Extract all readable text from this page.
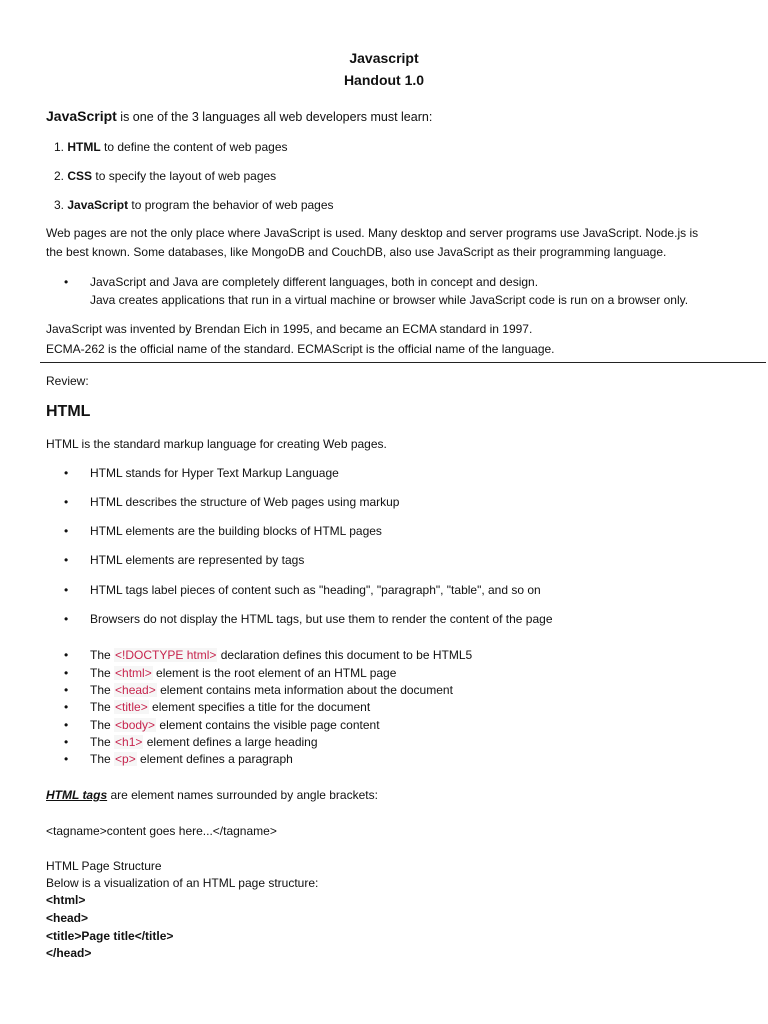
Javascript
Handout 1.0
JavaScript is one of the 3 languages all web developers must learn:
1. HTML to define the content of web pages
2. CSS to specify the layout of web pages
3. JavaScript to program the behavior of web pages
Web pages are not the only place where JavaScript is used. Many desktop and server programs use JavaScript. Node.js is
the best known. Some databases, like MongoDB and CouchDB, also use JavaScript as their programming language.
• JavaScript and Java are completely different languages, both in concept and design.
Java creates applications that run in a virtual machine or browser while JavaScript code is run on a browser only.
JavaScript was invented by Brendan Eich in 1995, and became an ECMA standard in 1997.
ECMA-262 is the official name of the standard. ECMAScript is the official name of the language.
Review:
HTML
HTML is the standard markup language for creating Web pages.
• HTML stands for Hyper Text Markup Language
• HTML describes the structure of Web pages using markup
• HTML elements are the building blocks of HTML pages
• HTML elements are represented by tags
• HTML tags label pieces of content such as "heading", "paragraph", "table", and so on
• Browsers do not display the HTML tags, but use them to render the content of the page
• The <!DOCTYPE html> declaration defines this document to be HTML5
• The <html> element is the root element of an HTML page
• The <head> element contains meta information about the document
• The <title> element specifies a title for the document
• The <body> element contains the visible page content
• The <h1> element defines a large heading
• The <p> element defines a paragraph
HTML tags are element names surrounded by angle brackets:
<tagname>content goes here...</tagname>
HTML Page Structure
Below is a visualization of an HTML page structure:
<html>
<head>
<title>Page title</title>
</head>
